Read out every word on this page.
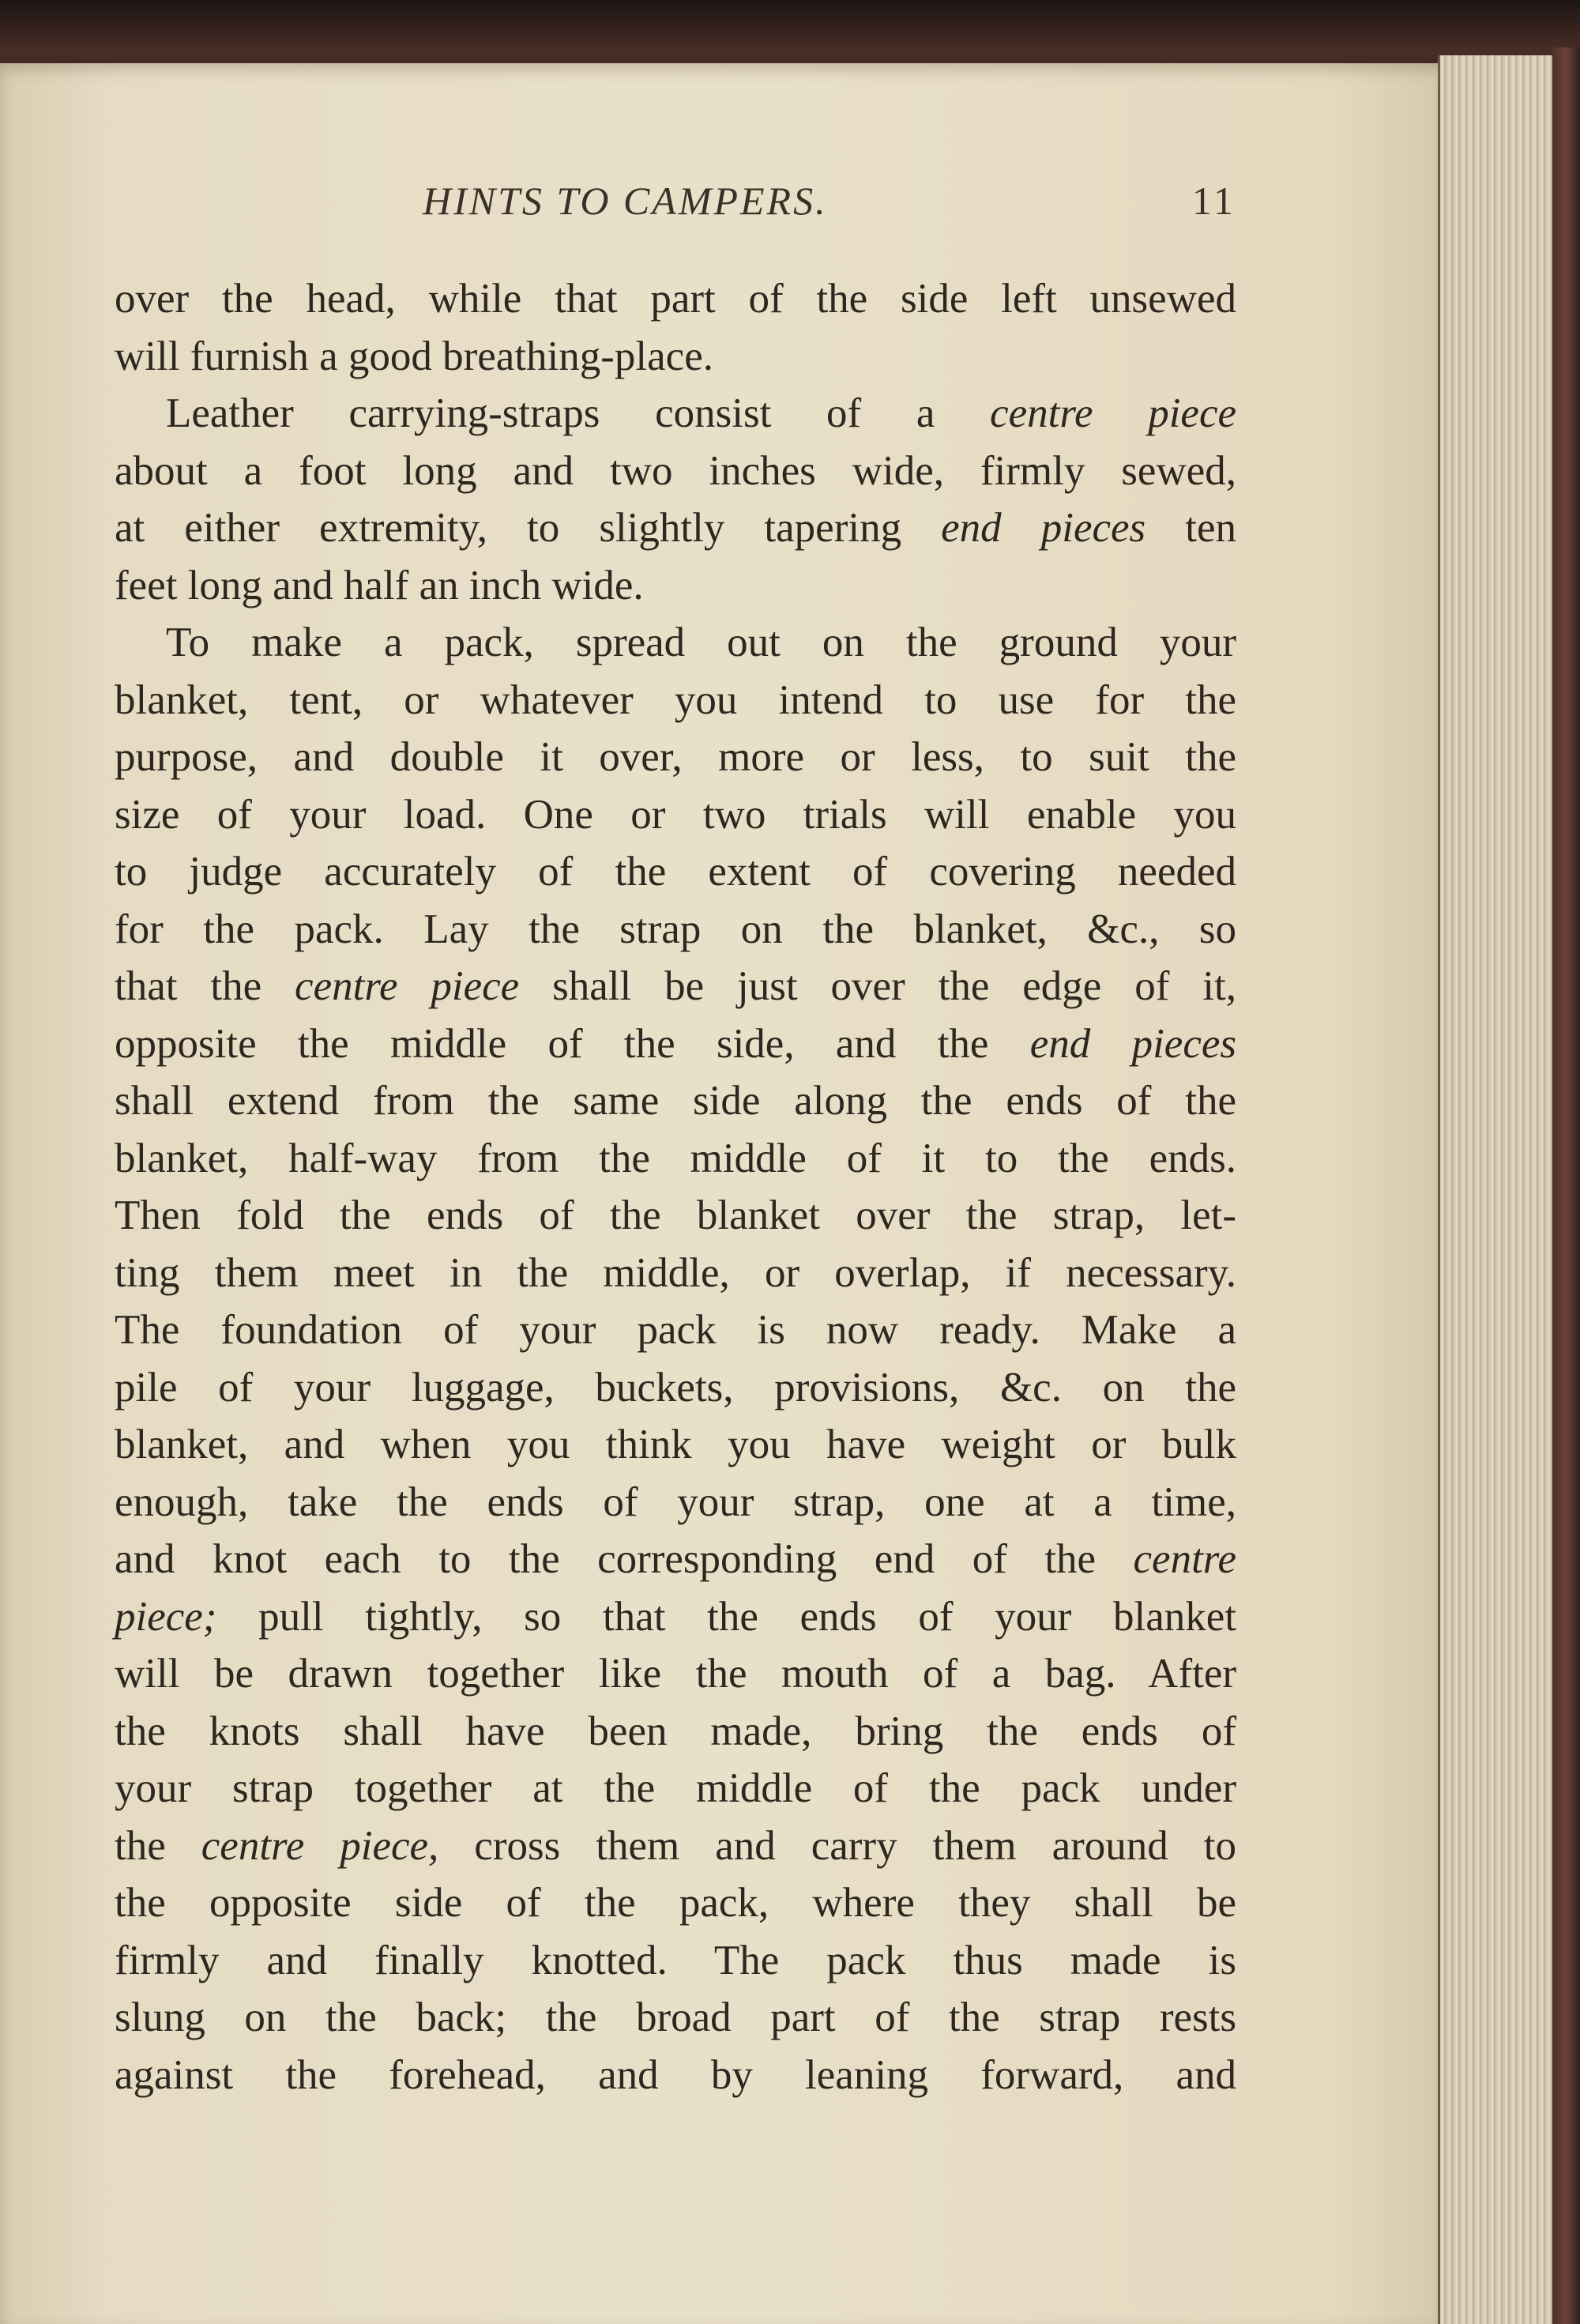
HINTS TO CAMPERS.	11
over the head, while that part of the side left unsewed
will furnish a good breathing-place.
Leather carrying-straps consist of a centre piece
about a foot long and two inches wide, firmly sewed,
at either extremity, to slightly tapering end pieces ten
feet long and half an inch wide.
To make a pack, spread out on the ground your
blanket, tent, or whatever you intend to use for the
purpose, and double it over, more or less, to suit the
size of your load. One or two trials will enable you
to judge accurately of the extent of covering needed
for the pack. Lay the strap on the blanket, &c., so
that the centre piece shall be just over the edge of it,
opposite the middle of the side, and the end pieces
shall extend from the same side along the ends of the
blanket, half-way from the middle of it to the ends.
Then fold the ends of the blanket over the strap, let-
ting them meet in the middle, or overlap, if necessary.
The foundation of your pack is now ready. Make a
pile of your luggage, buckets, provisions, &c. on the
blanket, and when you think you have weight or bulk
enough, take the ends of your strap, one at a time,
and knot each to the corresponding end of the centre
piece; pull tightly, so that the ends of your blanket
will be drawn together like the mouth of a bag. After
the knots shall have been made, bring the ends of
your strap together at the middle of the pack under
the centre piece, cross them and carry them around to
the opposite side of the pack, where they shall be
firmly and finally knotted. The pack thus made is
slung on the back; the broad part of the strap rests
against the forehead, and by leaning forward, and
